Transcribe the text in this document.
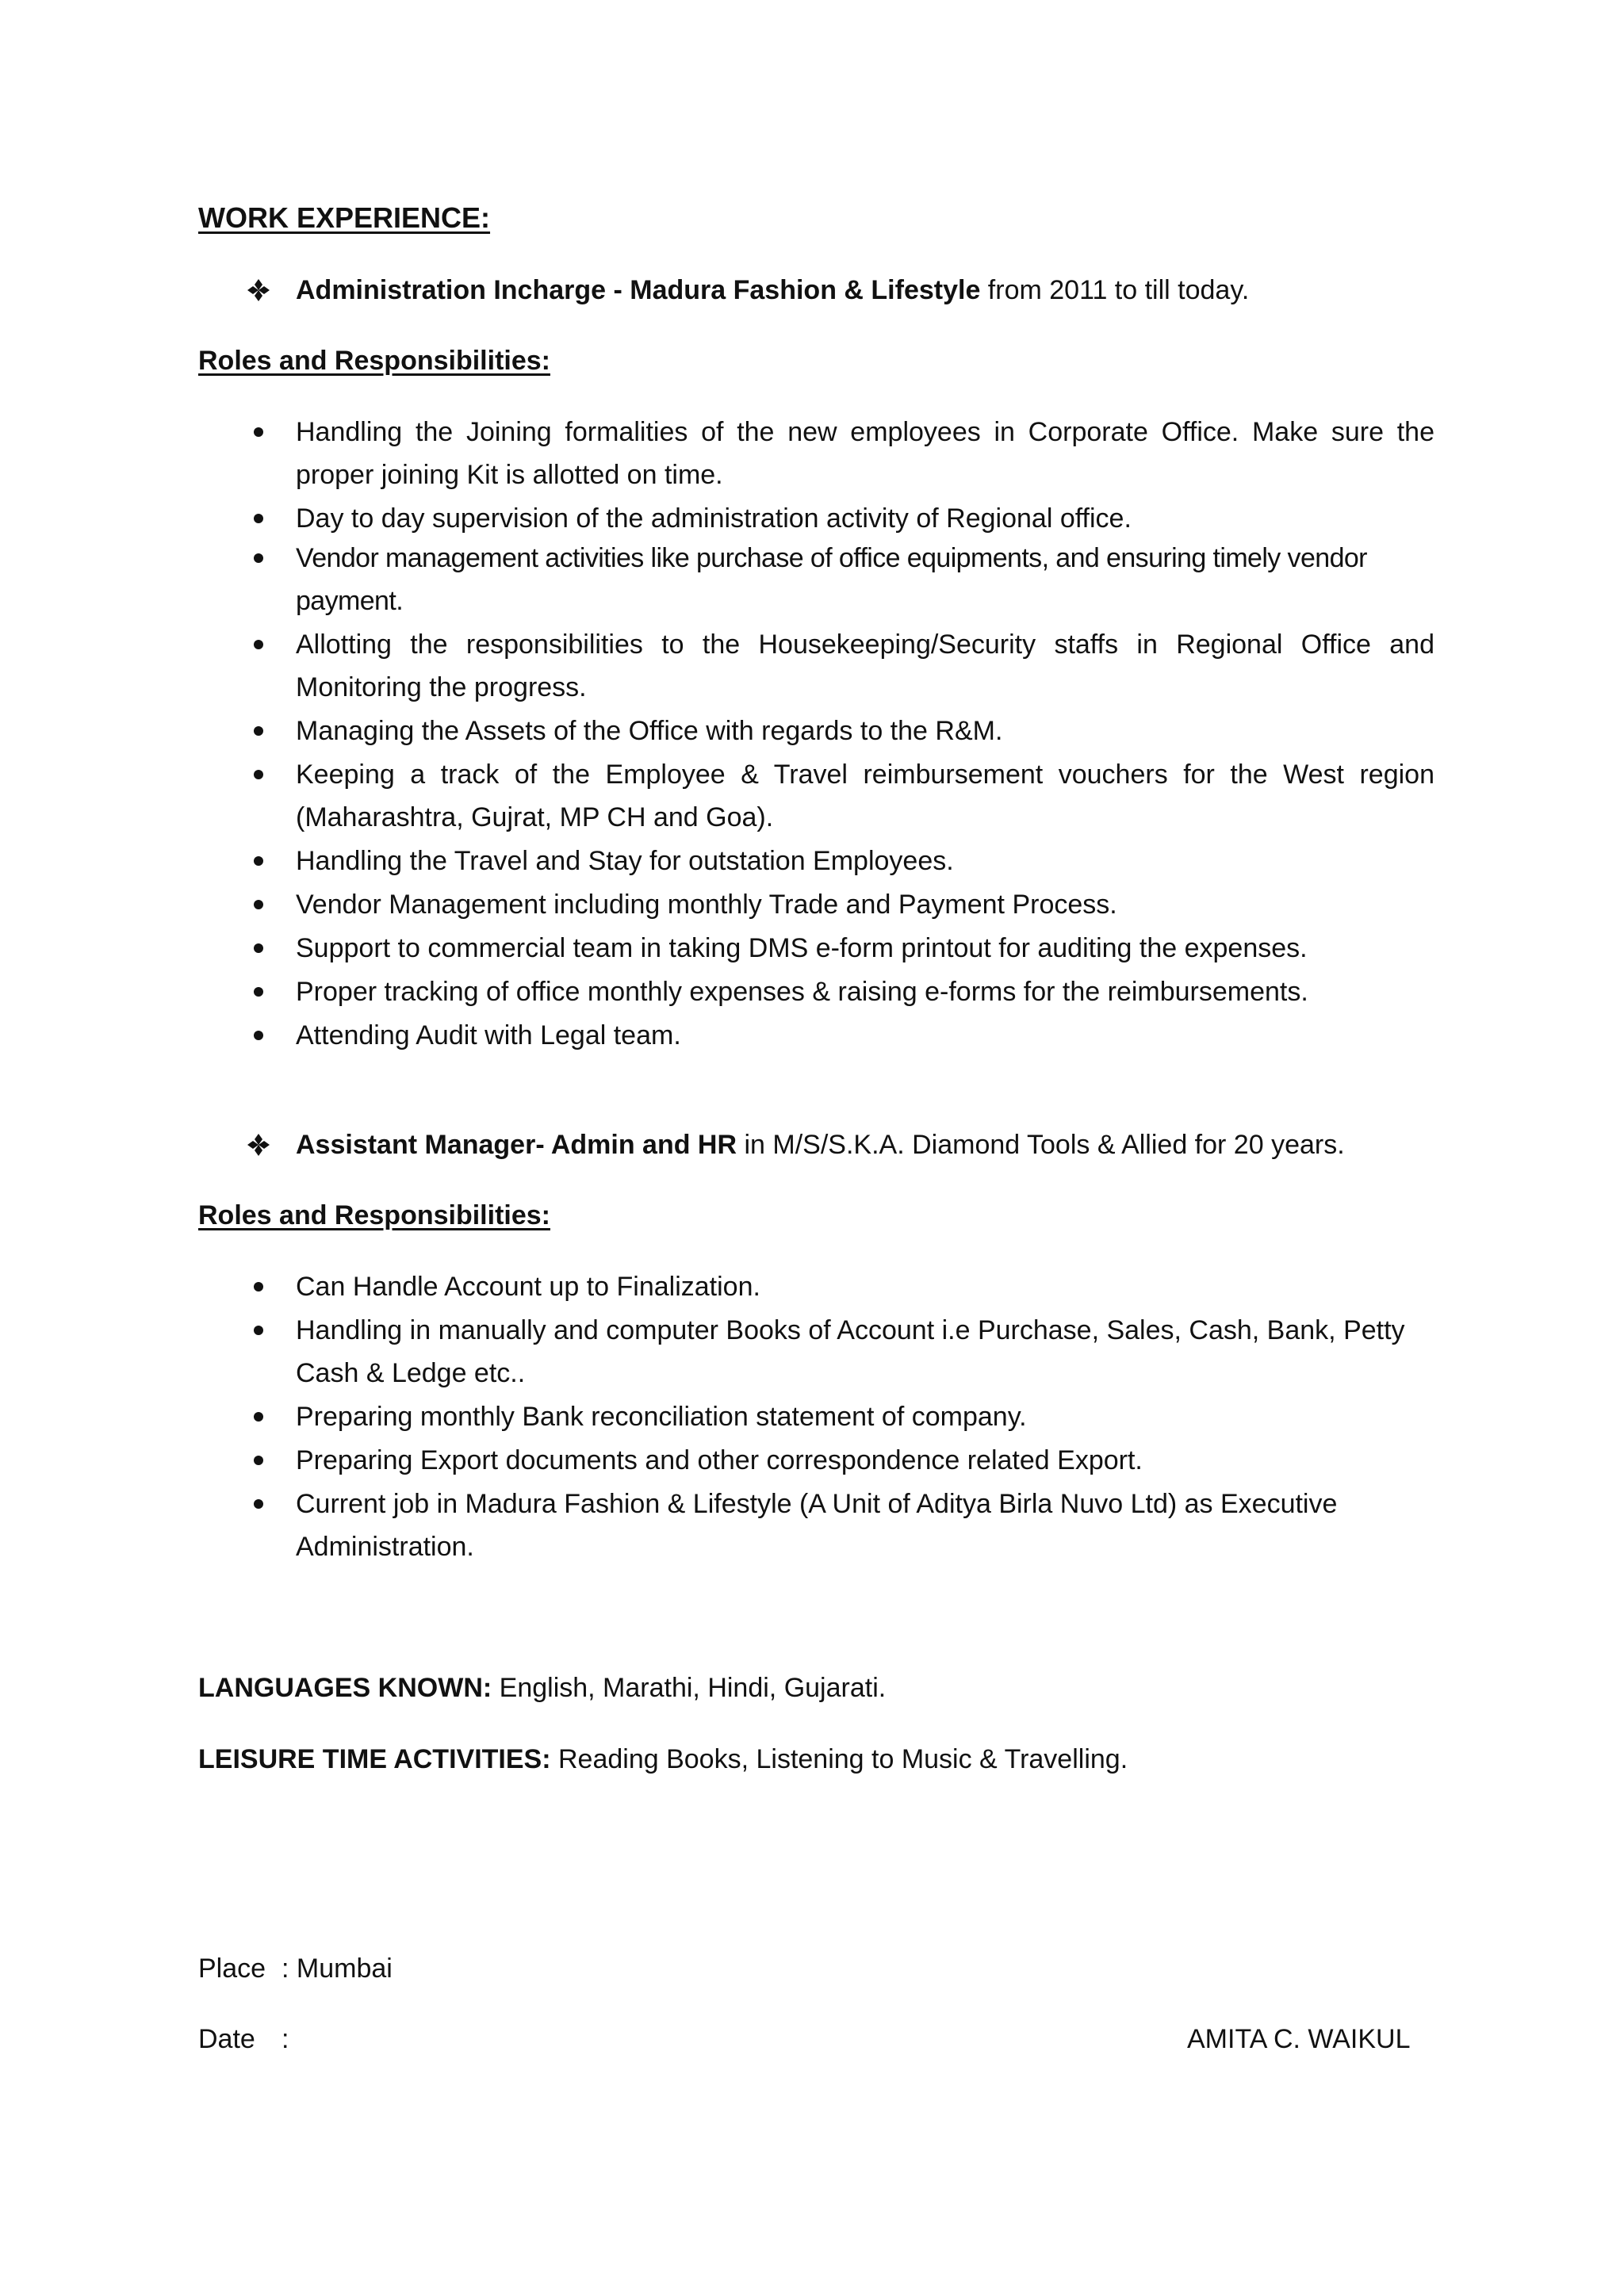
WORK EXPERIENCE:
Administration Incharge - Madura Fashion & Lifestyle from 2011 to till today.
Roles and Responsibilities:
Handling the Joining formalities of the new employees in Corporate Office. Make sure the proper joining Kit is allotted on time.
Day to day supervision of the administration activity of Regional office.
Vendor management activities like purchase of office equipments, and ensuring timely vendor payment.
Allotting the responsibilities to the Housekeeping/Security staffs in Regional Office and Monitoring the progress.
Managing the Assets of the Office with regards to the R&M.
Keeping a track of the Employee & Travel reimbursement vouchers for the West region (Maharashtra, Gujrat, MP CH and Goa).
Handling the Travel and Stay for outstation Employees.
Vendor Management including monthly Trade and Payment Process.
Support to commercial team in taking DMS e-form printout for auditing the expenses.
Proper tracking of office monthly expenses & raising e-forms for the reimbursements.
Attending Audit with Legal team.
Assistant Manager- Admin and HR in M/S/S.K.A. Diamond Tools & Allied for 20 years.
Roles and Responsibilities:
Can Handle Account up to Finalization.
Handling in manually and computer Books of Account i.e Purchase, Sales, Cash, Bank, Petty Cash & Ledge etc..
Preparing monthly Bank reconciliation statement of company.
Preparing Export documents and other correspondence related Export.
Current job in Madura Fashion & Lifestyle (A Unit of Aditya Birla Nuvo Ltd) as Executive Administration.
LANGUAGES KNOWN: English, Marathi, Hindi, Gujarati.
LEISURE TIME ACTIVITIES: Reading Books, Listening to Music & Travelling.
Place : Mumbai
Date :	AMITA C. WAIKUL
